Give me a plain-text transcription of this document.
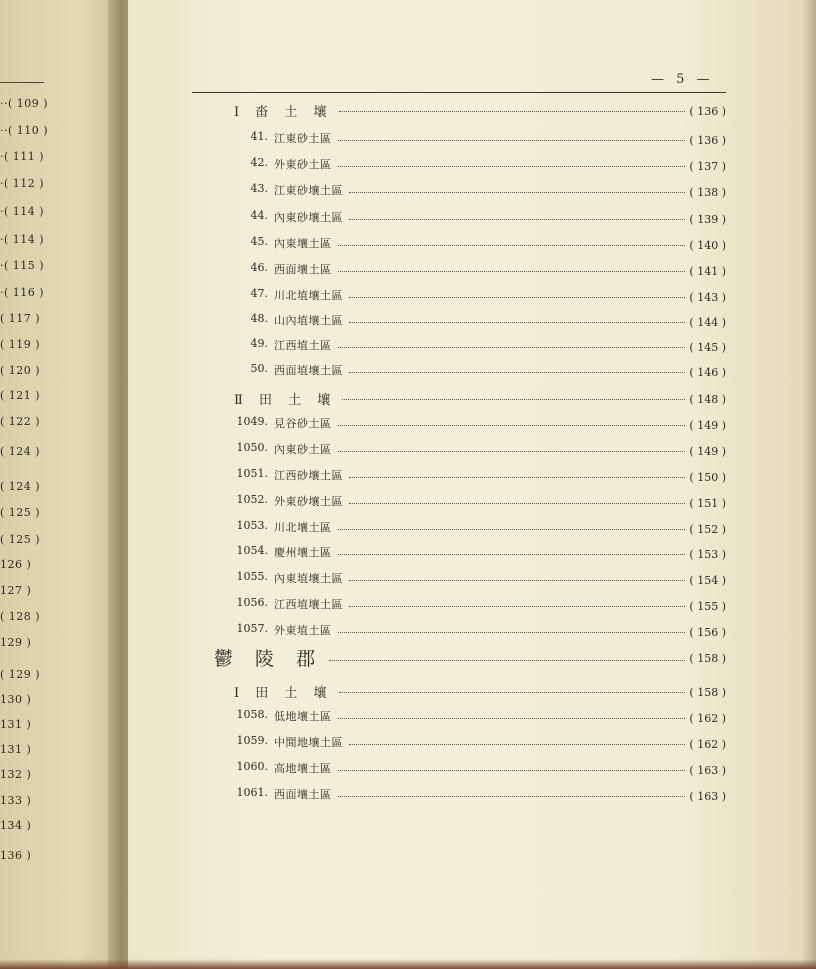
··( 109 )
··( 110 )
·( 111 )
·( 112 )
·( 114 )
·( 114 )
·( 115 )
·( 116 )
( 117 )
( 119 )
( 120 )
( 121 )
( 122 )
( 124 )
( 124 )
( 125 )
( 125 )
126 )
127 )
( 128 )
129 )
( 129 )
130 )
131 )
131 )
132 )
133 )
134 )
136 )
— 5 —
Ⅰ 畓 土 壤	( 136 )
41. 江東砂土區	( 136 )
42. 外東砂土區	( 137 )
43. 江東砂壤土區	( 138 )
44. 內東砂壤土區	( 139 )
45. 內東壤土區	( 140 )
46. 西面壤土區	( 141 )
47. 川北埴壤土區	( 143 )
48. 山內埴壤土區	( 144 )
49. 江西埴土區	( 145 )
50. 西面埴壤土區	( 146 )
Ⅱ 田 土 壤	( 148 )
1049. 見谷砂土區	( 149 )
1050. 內東砂土區	( 149 )
1051. 江西砂壤土區	( 150 )
1052. 外東砂壤土區	( 151 )
1053. 川北壤土區	( 152 )
1054. 慶州壤土區	( 153 )
1055. 內東埴壤土區	( 154 )
1056. 江西埴壤土區	( 155 )
1057. 外東埴土區	( 156 )
鬱 陵 郡	( 158 )
Ⅰ 田 土 壤	( 158 )
1058. 低地壤土區	( 162 )
1059. 中間地壤土區	( 162 )
1060. 高地壤土區	( 163 )
1061. 西面壤土區	( 163 )
